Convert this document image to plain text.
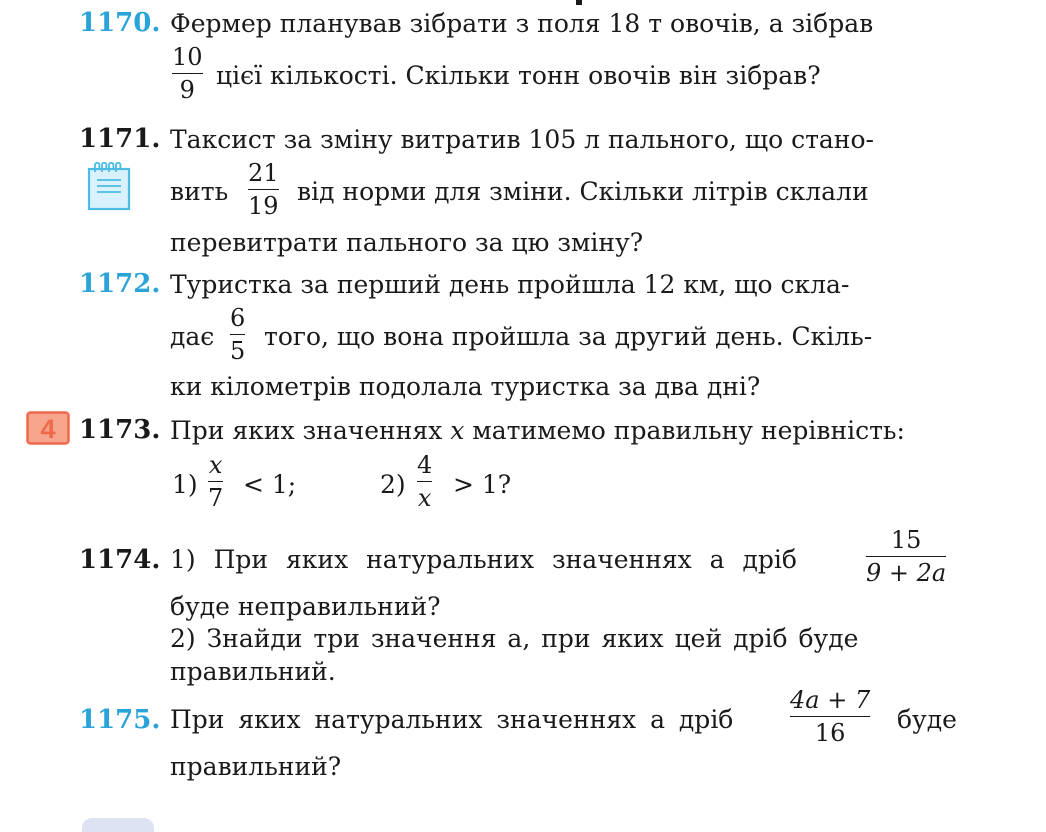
1170. Фермер планував зібрати з поля 18 т овочів, а зібрав
10
9 цієї кількості. Скільки тонн овочів він зібрав?
1171. Таксист за зміну витратив 105 л пального, що стано-
вить
21
19 від норми для зміни. Скільки літрів склали
перевитрати пального за цю зміну?
1172. Туристка за перший день пройшла 12 км, що скла-
дає
6
5 того, що вона пройшла за другий день. Скіль-
ки кілометрів подолала туристка за два дні?
4 1173. При яких значеннях x матимемо правильну нерівність:
1)
x
7 < 1;	2)
4
x > 1?
1174. 1) При яких натуральних значеннях a дріб
15
9 + 2a
буде неправильний?
2) Знайди три значення a, при яких цей дріб буде
правильний.
1175. При яких натуральних значеннях a дріб
4a + 7
16 буде
правильний?
